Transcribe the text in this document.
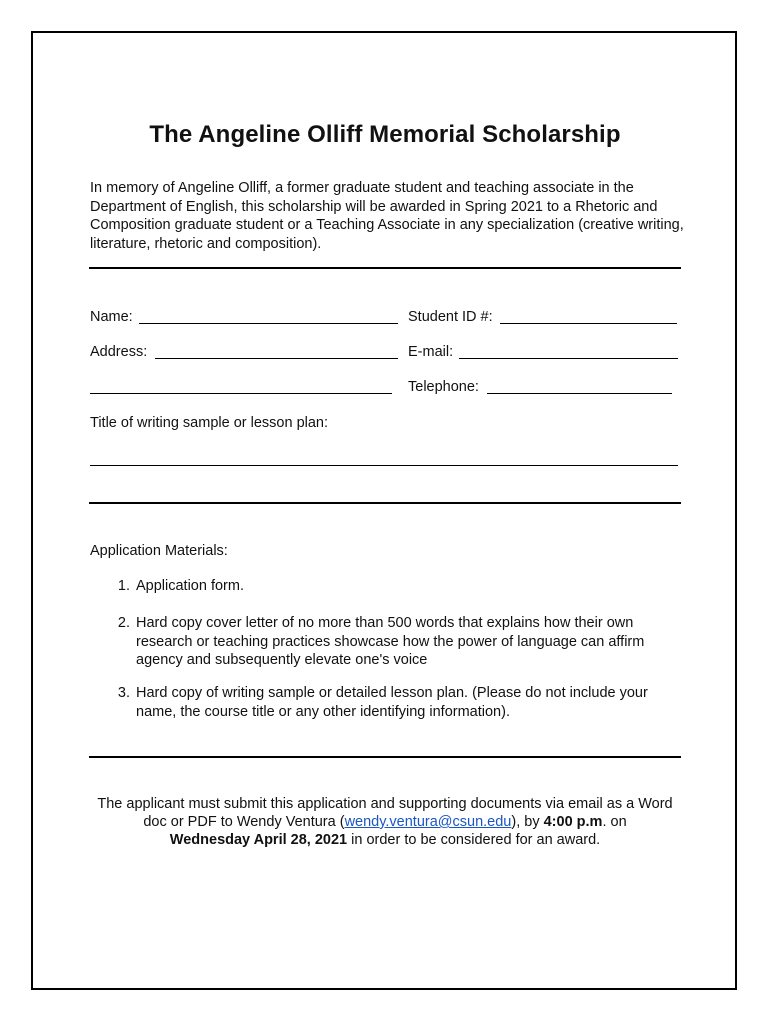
The Angeline Olliff Memorial Scholarship
In memory of Angeline Olliff, a former graduate student and teaching associate in the Department of English, this scholarship will be awarded in Spring 2021 to a Rhetoric and Composition graduate student or a Teaching Associate in any specialization (creative writing, literature, rhetoric and composition).
Name:	Student ID #:
Address:	E-mail:
Telephone:
Title of writing sample or lesson plan:
Application Materials:
1. Application form.
2. Hard copy cover letter of no more than 500 words that explains how their own research or teaching practices showcase how the power of language can affirm agency and subsequently elevate one's voice
3. Hard copy of writing sample or detailed lesson plan. (Please do not include your name, the course title or any other identifying information).
The applicant must submit this application and supporting documents via email as a Word doc or PDF to Wendy Ventura (wendy.ventura@csun.edu), by 4:00 p.m. on
Wednesday April 28, 2021 in order to be considered for an award.
